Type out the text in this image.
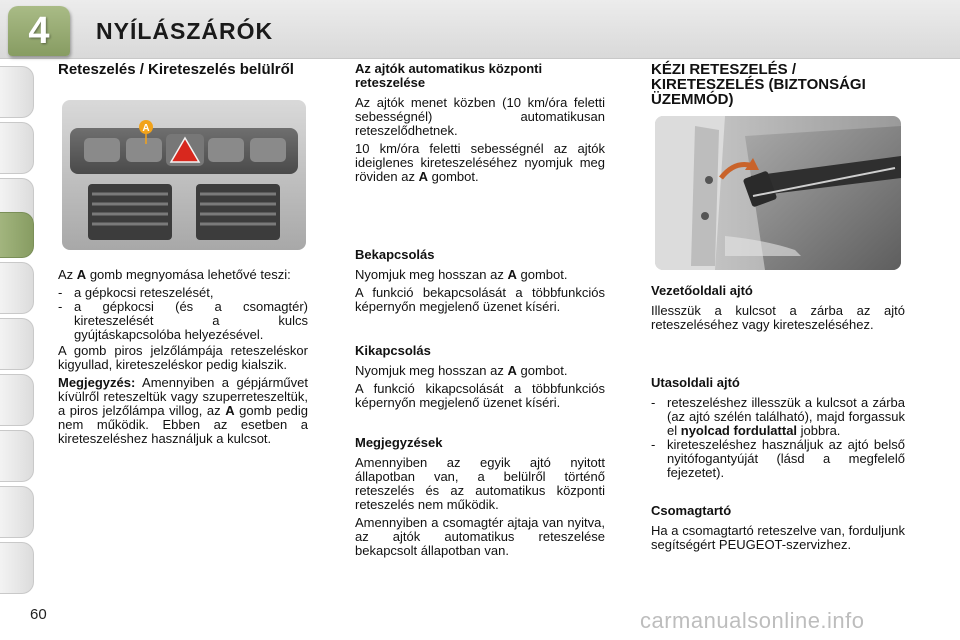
4	NYÍLÁSZÁRÓK
Reteszelés / Kireteszelés belülről
A

Az A gomb megnyomása lehetővé teszi:

- a gépkocsi reteszelését,
- a gépkocsi (és a csomagtér) kireteszelését a kulcs gyújtáskapcsolóba helyezésével.

A gomb piros jelzőlámpája reteszeléskor kigyullad, kireteszeléskor pedig kialszik.

Megjegyzés: Amennyiben a gépjárművet kívülről reteszeltük vagy szuperreteszeltük, a piros jelzőlámpa villog, az A gomb pedig nem működik. Ebben az esetben a kireteszeléshez használjuk a kulcsot.

Az ajtók automatikus központi reteszelése

Az ajtók menet közben (10 km/óra feletti sebességnél) automatikusan reteszelődhetnek.

10 km/óra feletti sebességnél az ajtók ideiglenes kireteszeléséhez nyomjuk meg röviden az A gombot.

Bekapcsolás

Nyomjuk meg hosszan az A gombot.

A funkció bekapcsolását a többfunkciós képernyőn megjelenő üzenet kíséri.

Kikapcsolás

Nyomjuk meg hosszan az A gombot.

A funkció kikapcsolását a többfunkciós képernyőn megjelenő üzenet kíséri.

Megjegyzések

Amennyiben az egyik ajtó nyitott állapotban van, a belülről történő reteszelés és az automatikus központi reteszelés nem működik.

Amennyiben a csomagtér ajtaja van nyitva, az ajtók automatikus reteszelése bekapcsolt állapotban van.

KÉZI RETESZELÉS / KIRETESZELÉS (BIZTONSÁGI ÜZEMMÓD)
Vezetőoldali ajtó

Illesszük a kulcsot a zárba az ajtó reteszeléséhez vagy kireteszeléséhez.

Utasoldali ajtó
- reteszeléshez illesszük a kulcsot a zárba (az ajtó szélén található), majd forgassuk el nyolcad fordulattal jobbra.
- kireteszeléshez használjuk az ajtó belső nyitófogantyúját (lásd a megfelelő fejezetet).
Csomagtartó

Ha a csomagtartó reteszelve van, forduljunk segítségért PEUGEOT-szervizhez.

60	carmanualsonline.info
